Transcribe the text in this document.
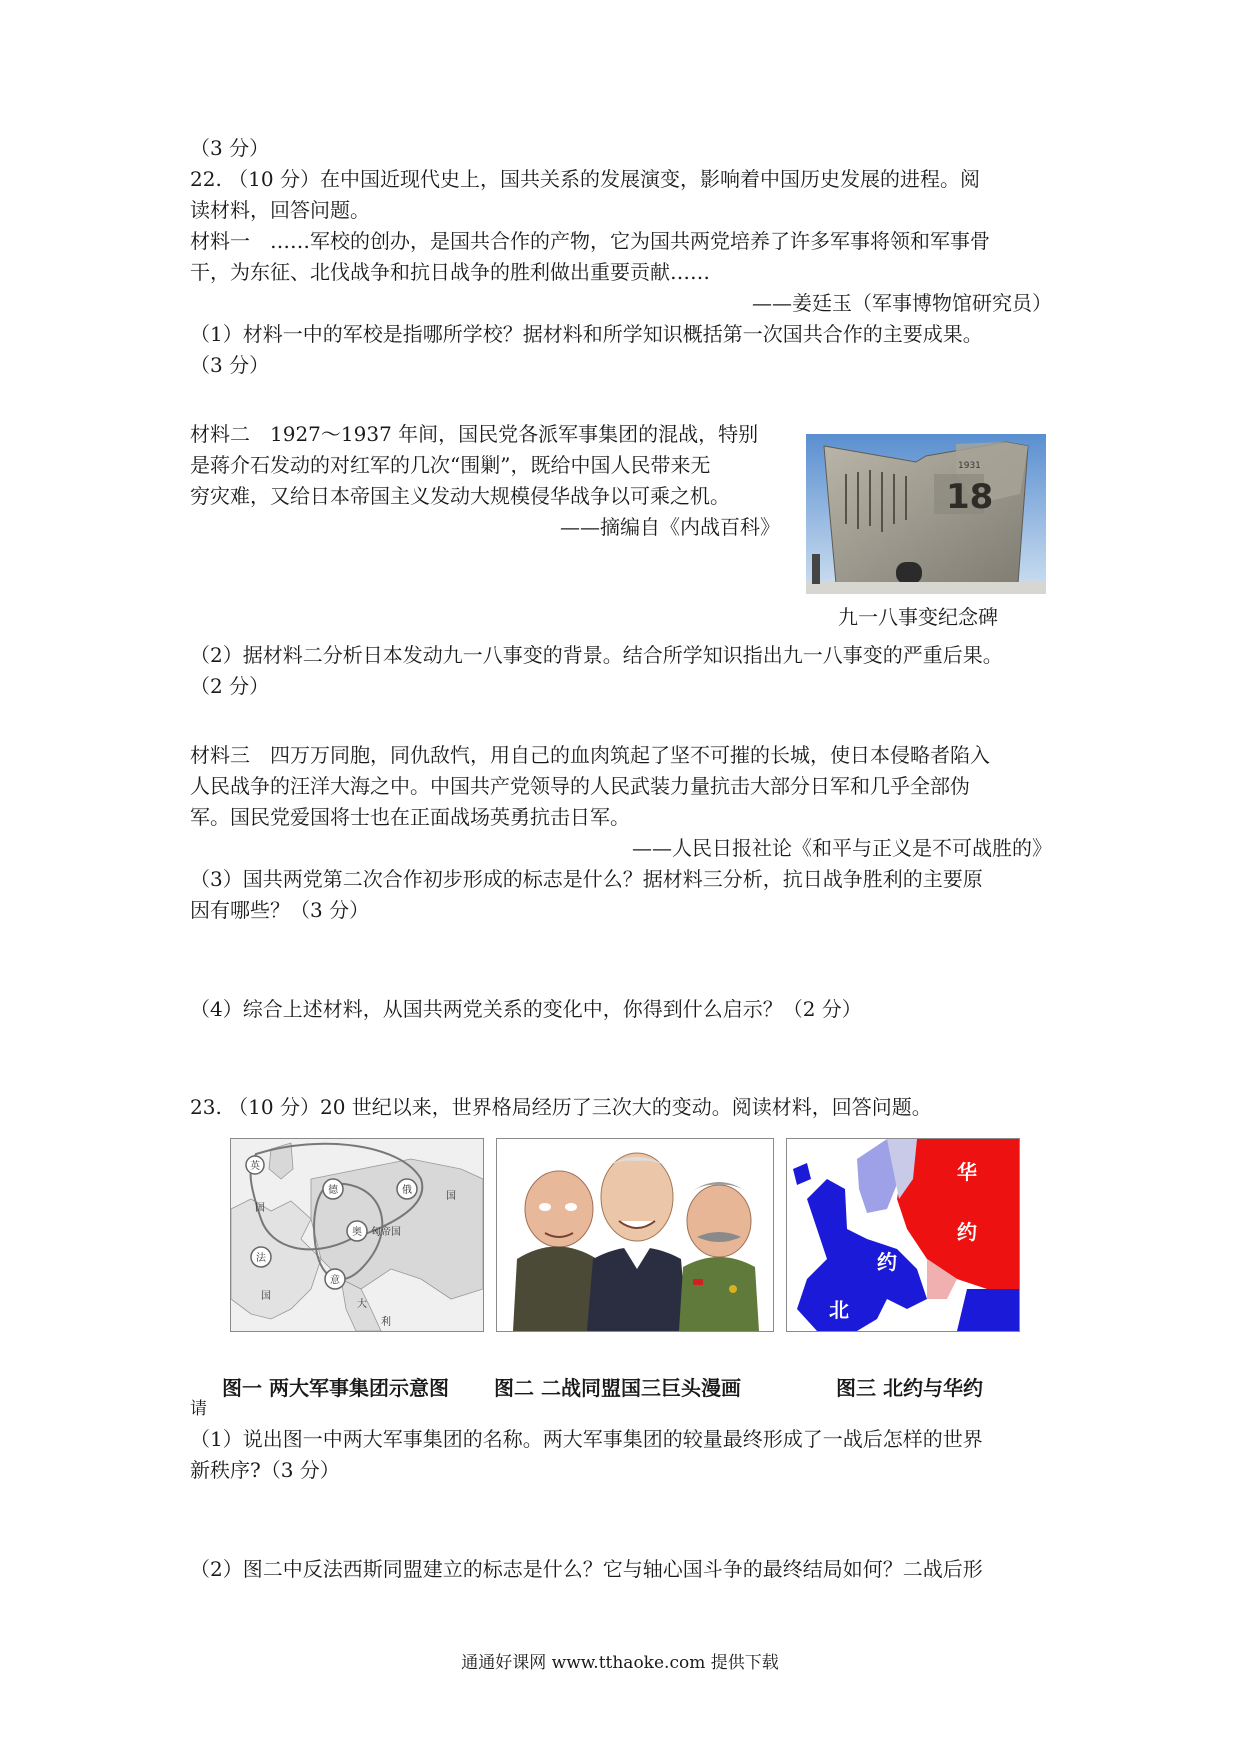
（3 分）
22. （10 分）在中国近现代史上，国共关系的发展演变，影响着中国历史发展的进程。阅
读材料，回答问题。
材料一　……军校的创办，是国共合作的产物，它为国共两党培养了许多军事将领和军事骨
干，为东征、北伐战争和抗日战争的胜利做出重要贡献……
——姜廷玉（军事博物馆研究员）
（1）材料一中的军校是指哪所学校？据材料和所学知识概括第一次国共合作的主要成果。
（3 分）
材料二　1927～1937 年间，国民党各派军事集团的混战，特别
是蒋介石发动的对红军的几次“围剿”，既给中国人民带来无
穷灾难，又给日本帝国主义发动大规模侵华战争以可乘之机。
——摘编自《内战百科》
1931
18
九一八事变纪念碑
（2）据材料二分析日本发动九一八事变的背景。结合所学知识指出九一八事变的严重后果。
（2 分）
材料三　四万万同胞，同仇敌忾，用自己的血肉筑起了坚不可摧的长城，使日本侵略者陷入
人民战争的汪洋大海之中。中国共产党领导的人民武装力量抗击大部分日军和几乎全部伪
军。国民党爱国将士也在正面战场英勇抗击日军。
——人民日报社论《和平与正义是不可战胜的》
（3）国共两党第二次合作初步形成的标志是什么？据材料三分析，抗日战争胜利的主要原
因有哪些？（3 分）
（4）综合上述材料，从国共两党关系的变化中，你得到什么启示？（2 分）
23. （10 分）20 世纪以来，世界格局经历了三次大的变动。阅读材料，回答问题。
英
国
法
国
德
奥
俄
意
匈帝国
国
大
利
华
约
约
北
图一 两大军事集团示意图 图二 二战同盟国三巨头漫画	图三 北约与华约
请
（1）说出图一中两大军事集团的名称。两大军事集团的较量最终形成了一战后怎样的世界
新秩序?（3 分）
（2）图二中反法西斯同盟建立的标志是什么？它与轴心国斗争的最终结局如何？二战后形
通通好课网 www.tthaoke.com 提供下载
